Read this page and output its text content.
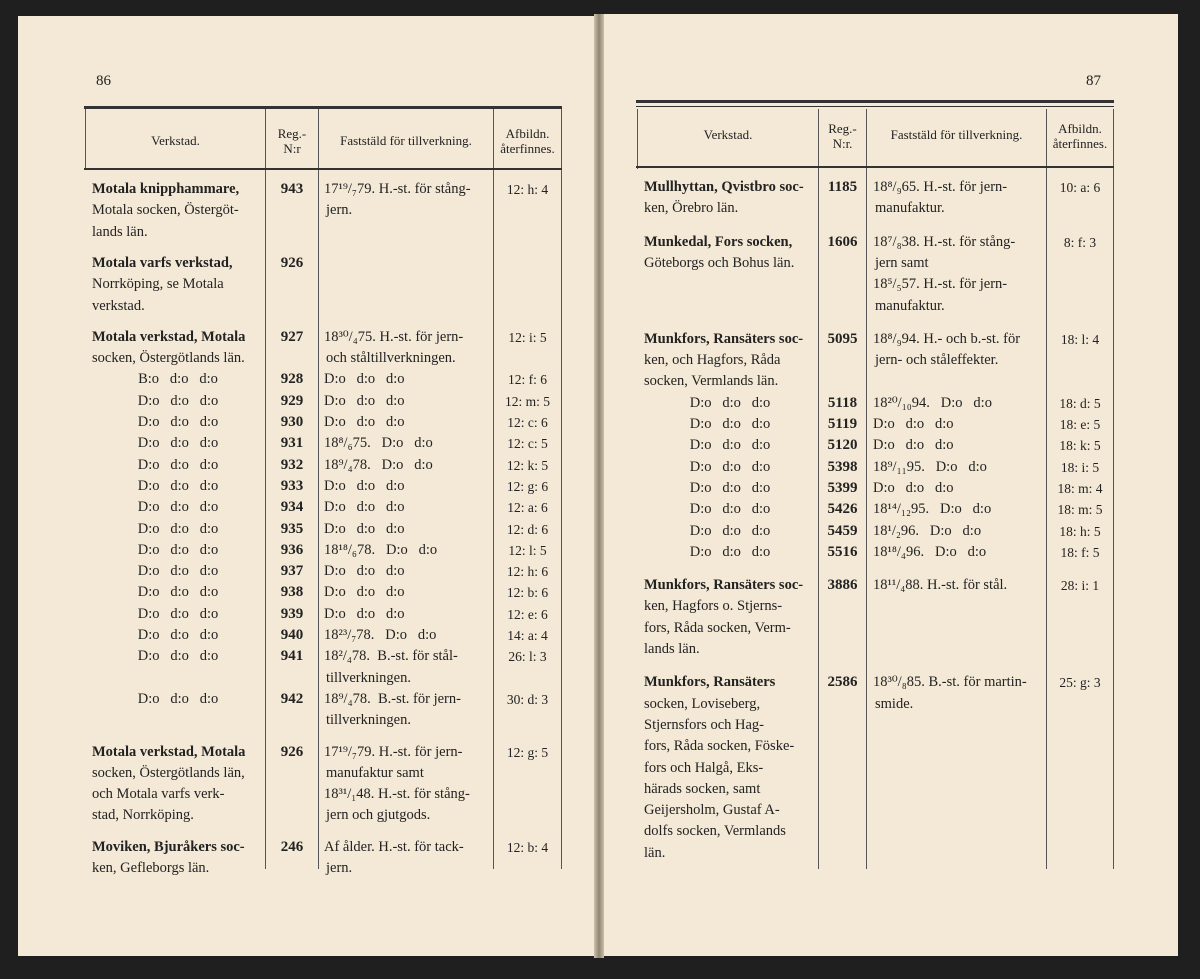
86
Verkstad.	Reg.-
N:r
Faststäld för tillverkning.	Afbildn.
återfinnes.
Motala knipphammare,
Motala socken, Östergöt-
lands län.
943	17¹⁹/₇79. H.-st. för stång-
jern.
12: h: 4
Motala varfs verkstad,
Norrköping, se Motala
verkstad.
926
Motala verkstad, Motala
socken, Östergötlands län.
927	18³⁰/₄75. H.-st. för jern-
och ståltillverkningen.
12: i: 5
B:o   d:o   d:o	928	D:o   d:o   d:o	12: f: 6
D:o   d:o   d:o	929	D:o   d:o   d:o	12: m: 5
D:o   d:o   d:o	930	D:o   d:o   d:o	12: c: 6
D:o   d:o   d:o	931	18⁸/₆75.   D:o   d:o	12: c: 5
D:o   d:o   d:o	932	18⁹/₄78.   D:o   d:o	12: k: 5
D:o   d:o   d:o	933	D:o   d:o   d:o	12: g: 6
D:o   d:o   d:o	934	D:o   d:o   d:o	12: a: 6
D:o   d:o   d:o	935	D:o   d:o   d:o	12: d: 6
D:o   d:o   d:o	936	18¹⁸/₆78.   D:o   d:o	12: l: 5
D:o   d:o   d:o	937	D:o   d:o   d:o	12: h: 6
D:o   d:o   d:o	938	D:o   d:o   d:o	12: b: 6
D:o   d:o   d:o	939	D:o   d:o   d:o	12: e: 6
D:o   d:o   d:o	940	18²³/₇78.   D:o   d:o	14: a: 4
D:o   d:o   d:o	941	18²/₄78.  B.-st. för stål-
tillverkningen.
26: l: 3
D:o   d:o   d:o	942	18⁹/₄78.  B.-st. för jern-
tillverkningen.
30: d: 3
Motala verkstad, Motala
socken, Östergötlands län,
och Motala varfs verk-
stad, Norrköping.
926	17¹⁹/₇79. H.-st. för jern-
manufaktur samt
18³¹/₁48. H.-st. för stång-
jern och gjutgods.
12: g: 5
Moviken, Bjuråkers soc-
ken, Gefleborgs län.
246	Af ålder. H.-st. för tack-
jern.
12: b: 4
87
Verkstad.	Reg.-
N:r.
Faststäld för tillverkning.	Afbildn.
återfinnes.
Mullhyttan, Qvistbro soc-
ken, Örebro län.
1185	18⁸/₉65. H.-st. för jern-
manufaktur.
10: a: 6
Munkedal, Fors socken,
Göteborgs och Bohus län.
1606	18⁷/₈38. H.-st. för stång-
jern samt
18⁵/₅57. H.-st. för jern-
manufaktur.
8: f: 3
Munkfors, Ransäters soc-
ken, och Hagfors, Råda
socken, Vermlands län.
5095	18⁸/₉94. H.- och b.-st. för
jern- och ståleffekter.
18: l: 4
D:o   d:o   d:o	5118	18²⁰/₁₀94.   D:o   d:o	18: d: 5
D:o   d:o   d:o	5119	D:o   d:o   d:o	18: e: 5
D:o   d:o   d:o	5120	D:o   d:o   d:o	18: k: 5
D:o   d:o   d:o	5398	18⁹/₁₁95.   D:o   d:o	18: i: 5
D:o   d:o   d:o	5399	D:o   d:o   d:o	18: m: 4
D:o   d:o   d:o	5426	18¹⁴/₁₂95.   D:o   d:o	18: m: 5
D:o   d:o   d:o	5459	18¹/₂96.   D:o   d:o	18: h: 5
D:o   d:o   d:o	5516	18¹⁸/₄96.   D:o   d:o	18: f: 5
Munkfors, Ransäters soc-
ken, Hagfors o. Stjerns-
fors, Råda socken, Verm-
lands län.
3886	18¹¹/₄88. H.-st. för stål.	28: i: 1
Munkfors, Ransäters
socken, Loviseberg,
Stjernsfors och Hag-
fors, Råda socken, Föske-
fors och Halgå, Eks-
härads socken, samt
Geijersholm, Gustaf A-
dolfs socken, Vermlands
län.
2586	18³⁰/₈85. B.-st. för martin-
smide.
25: g: 3
